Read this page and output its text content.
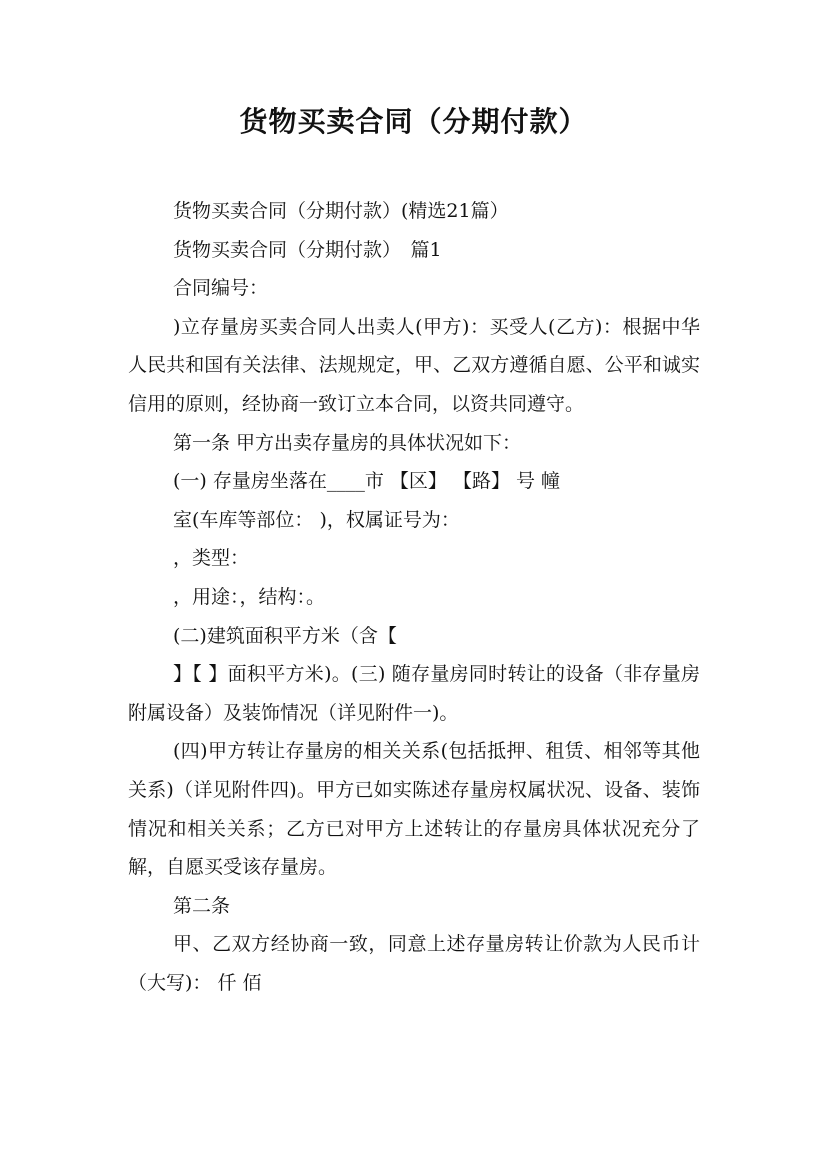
货物买卖合同（分期付款）

货物买卖合同（分期付款）(精选21篇）

货物买卖合同（分期付款）　篇1

合同编号：

)立存量房买卖合同人出卖人(甲方)：买受人(乙方)：根据中华人民共和国有关法律、法规规定，甲、乙双方遵循自愿、公平和诚实信用的原则，经协商一致订立本合同，以资共同遵守。

第一条 甲方出卖存量房的具体状况如下：

(一) 存量房坐落在____市 【区】 【路】 号 幢

室(车库等部位： )，权属证号为：

，类型：

，用途：，结构：。

(二)建筑面积平方米（含【

】【 】面积平方米)。(三) 随存量房同时转让的设备（非存量房附属设备）及装饰情况（详见附件一)。

(四)甲方转让存量房的相关关系(包括抵押、租赁、相邻等其他关系)（详见附件四)。甲方已如实陈述存量房权属状况、设备、装饰情况和相关关系；乙方已对甲方上述转让的存量房具体状况充分了解，自愿买受该存量房。

第二条

甲、乙双方经协商一致，同意上述存量房转让价款为人民币计（大写)： 仟 佰
